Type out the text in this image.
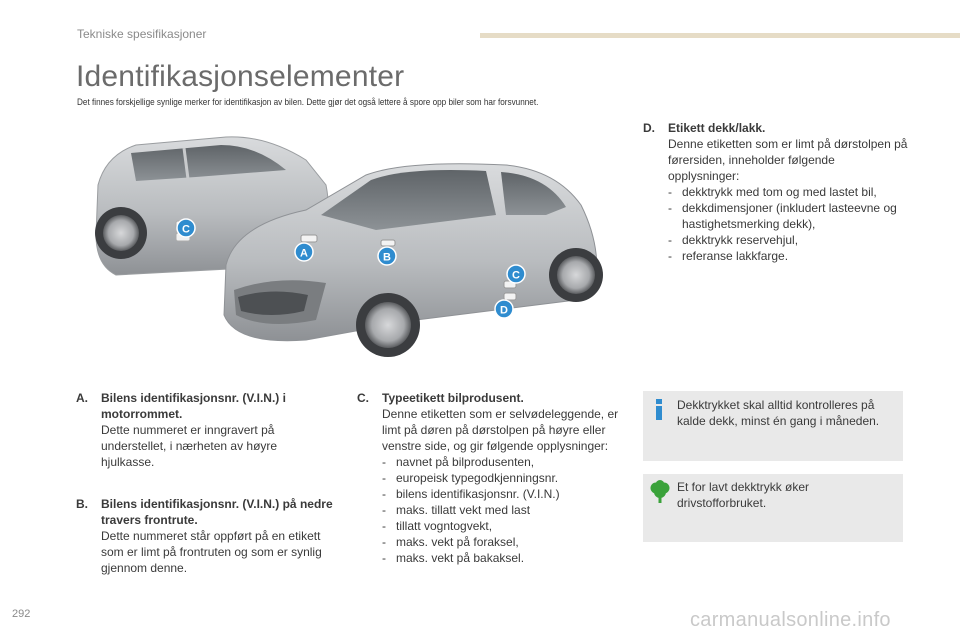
Tekniske spesifikasjoner
Identifikasjonselementer
Det finnes forskjellige synlige merker for identifikasjon av bilen. Dette gjør det også lettere å spore opp biler som har forsvunnet.
C
A	B
C
D
A.	Bilens identifikasjonsnr. (V.I.N.) i motorrommet.
Dette nummeret er inngravert på understellet, i nærheten av høyre hjulkasse.
B.	Bilens identifikasjonsnr. (V.I.N.) på nedre travers frontrute.
Dette nummeret står oppført på en etikett som er limt på frontruten og som er synlig gjennom denne.
C.	Typeetikett bilprodusent.
Denne etiketten som er selvødeleggende, er limt på døren på dørstolpen på høyre eller venstre side, og gir følgende opplysninger:
- navnet på bilprodusenten,
- europeisk typegodkjenningsnr.
- bilens identifikasjonsnr. (V.I.N.)
- maks. tillatt vekt med last
- tillatt vogntogvekt,
- maks. vekt på foraksel,
- maks. vekt på bakaksel.
D.	Etikett dekk/lakk.
Denne etiketten som er limt på dørstolpen på førersiden, inneholder følgende opplysninger:
- dekktrykk med tom og med lastet bil,
- dekkdimensjoner (inkludert lasteevne og hastighetsmerking dekk),
- dekktrykk reservehjul,
- referanse lakkfarge.
Dekktrykket skal alltid kontrolleres på kalde dekk, minst én gang i måneden.
Et for lavt dekktrykk øker drivstofforbruket.
292	carmanualsonline.info
